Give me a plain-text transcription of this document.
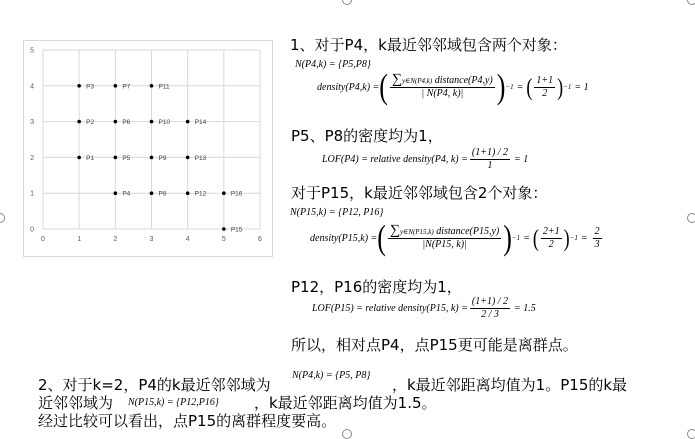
0	1	2	3	4	5	6
0
1
2
3
4
5
P1
P2
P3
P4
P5
P6
P7
P8
P9
P10
P11
P12
P13
P14
P15
P16
1、对于P4，k最近邻邻域包含两个对象：
N(P4,k) = {P5,P8}
density(P4,k) = ( $\frac{\text{∑y∈N(P4,k) distance(P4,y)}}{| N(P4, k)|}$ ) −1 = ( $\frac{1+1}{2}$ ) −1 = 1
P5、P8的密度均为1，
LOF(P4) = relative density(P4, $k) = \frac{(1+1) / 2}{1} = 1$
对于P15，k最近邻邻域包含2个对象：
N(P15,k) = {P12, P16}
density(P15,k) = ( $\frac{\text{∑y∈N(P15,k) distance(P15,y)}}{|N(P15, k)|}$ ) −1 = ( $\frac{2+1}{2}$ ) $-1 = \frac{2}{3}$
P12，P16的密度均为1，
LOF(P15) = relative density(P15, $k) = \frac{(1+1) / 2}{2 / 3} = 1.5$
所以，相对点P4，点P15更可能是离群点。
2、对于k=2，P4的k最近邻邻域为
N(P4,k) = {P5, P8}
，k最近邻距离均值为1。P15的k最
近邻邻域为 N(P15,k) = {P12,P16} ，k最近邻距离均值为1.5。
经过比较可以看出，点P15的离群程度要高。
